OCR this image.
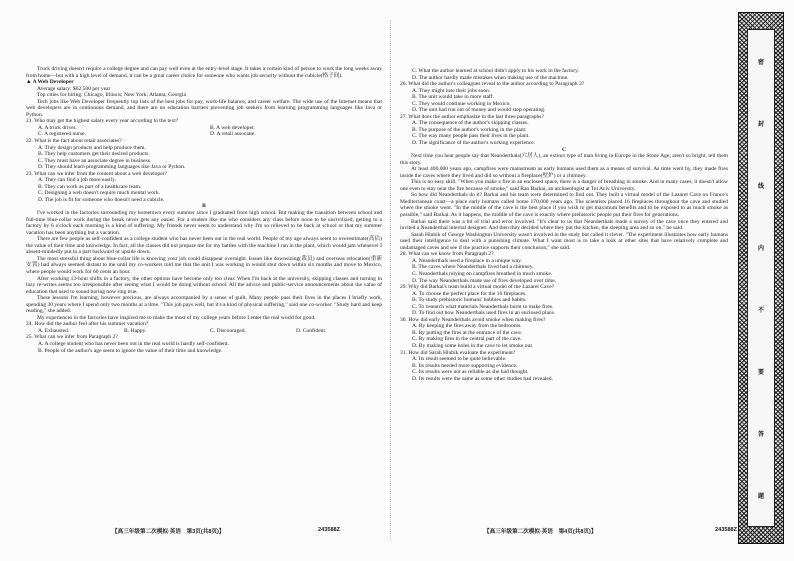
Truck driving doesn't require a college degree and can pay well even at the entry-level stage. It takes a certain kind of person to work the long weeks away from home—but with a high level of demand, it can be a great career choice for someone who wants job security without the cubicle(格子间).

▲ A Web Developer

Average salary: $62,500 per year

Top cities for hiring: Chicago, Illinois; New York; Atlanta, Georgia

Tech jobs like Web Developer frequently top lists of the best jobs for pay, work-life balance, and career welfare. The wide use of the Internet means that web developers are in continuous demand, and there are no education barriers preventing job seekers from learning programming languages like Java or Python.

21. Who may get the highest salary every year according to the text?

A. A truck driver.	B. A web developer.
C. A registered nurse.	D. A retail associate.

22. What is the fact about retail associates?

A. They design products and help produce them.

B. They help customers get their desired products.

C. They must have an associate degree in business.

D. They should learn programming languages like Java or Python.

23. What can we infer from the content about a web developer?

A. They can find a job more easily.

B. They can work as part of a healthcare team.

C. Designing a web doesn't require much mental work.

D. The job is fit for someone who doesn't need a cubicle.

B

I've worked in the factories surrounding my hometown every summer since I graduated from high school. But making the transition between school and full-time blue-collar work during the break never gets any easier. For a student like me who considers any class before noon to be uncivilized, getting to a factory by 6 o'clock each morning is a kind of suffering. My friends never seem to understand why I'm so relieved to be back at school or that my summer vacation has been anything but a vacation.

There are few people as self-confident as a college student who has never been out in the real world. People of my age always seem to overestimate(高估) the value of their time and knowledge. In fact, all the classes did not prepare me for my battles with the machine I ran in the plant, which would jam whenever I absent-mindedly put in a part backward or upside down.

The most stressful thing about blue-collar life is knowing your job could disappear overnight. Issues like downsizing(裁员) and overseas relocation(重新安置) had always seemed distant to me until my co-workers told me that the unit I was working in would shut down within six months and move to Mexico, where people would work for 60 cents an hour.

After working 13-hour shifts in a factory, the other options have become only too clear. When I'm back at the university, skipping classes and turning in lazy re-writes seems too irresponsible after seeing what I would be doing without school. All the advice and public-service announcements about the value of education that used to sound boring now ring true.

These lessons I'm learning, however precious, are always accompanied by a sense of guilt. Many people pass their lives in the places I briefly work, spending 30 years where I spend only two months at a time. "This job pays well, but it's a kind of physical suffering," said one co-worker. "Study hard and keep reading," she added.

My experiences in the factories have inspired me to make the most of my college years before I enter the real world for good.

24. How did the author feel after his summer vacation?

A. Exhausted.	B. Happy.	C. Discouraged.	D. Confident.

25. What can we infer from Paragraph 2?

A. A college student who has never been out in the real world is hardly self-confident.

B. People of the author's age seem to ignore the value of their time and knowledge.

C. What the author learned at school didn't apply to his work in the factory.

D. The author hardly made mistakes when making use of the machine.

26. What did the author's colleagues reveal to the author according to Paragraph 3?

A. They might lose their jobs soon.

B. The unit would take in more staff.

C. They would continue working in Mexico.

D. The unit had run out of money and would stop operating.

27. What does the author emphasize in the last three paragraphs?

A. The consequence of the author's skipping classes.

B. The purpose of the author's working in the plant.

C. The way many people pass their lives in the plant.

D. The significance of the author's working experience.

C

Next time you hear people say that Neanderthals(穴居人), an extinct type of man living in Europe in the Stone Age, aren't so bright, tell them this story.

At least 400,000 years ago, campfires were mainstream as early humans used them as a means of survival. As time went by, they made fires inside the caves where they lived and did so without a fireplace(壁炉) or a chimney.

This is no easy skill. "When you make a fire in an enclosed space, there is a danger of breathing in smoke. And in many cases, it doesn't allow one even to stay near the fire because of smoke," said Ran Barkai, an archaeologist at Tel Aviv University.

So how did Neanderthals do it? Barkai and his team were determined to find out. They built a virtual model of the Lazaret Cave on France's Mediterranean coast—a place early humans called home 170,000 years ago. The scientists placed 16 fireplaces throughout the cave and studied where the smoke went. "In the middle of the cave is the best place if you wish to get maximum benefits and to be exposed to as much smoke as possible," said Barkai. As it happens, the middle of the cave is exactly where prehistoric people put their fires for generations.

Barkai said there was a bit of trial and error involved. "It's clear to us that Neanderthals made a survey of the cave once they entered and invited a Neanderthal internal designer. And then they decided where they put the kitchen, the sleeping area and so on," he said.

Sarah Hlubik of George Washington University wasn't involved in the study but called it clever. "The experiment illustrates how early humans used their intelligence to deal with a punishing climate. What I want most is to take a look at other sites that have relatively complete and undamaged caves and see if the practice supports their conclusion," she said.

28. What can we know from Paragraph 2?

A. Neanderthals used a fireplace in a unique way.

B. The caves where Neanderthals lived had a chimney.

C. Neanderthals relying on campfires breathed in much smoke.

D. The way Neanderthals made use of fires developed over time.

29. Why did Barkai's team build a virtual model of the Lazaret Cave?

A. To choose the perfect place for the 16 fireplaces.

B. To study prehistoric humans' hobbies and habits.

C. To research what materials Neanderthals burnt to make fires.

D. To find out how Neanderthals used fires in an enclosed place.

30. How did early Neanderthals avoid smoke when making fires?

A. By keeping the fires away from the bedrooms.

B. By putting the fires at the entrance of the cave.

C. By making fires in the central part of the cave.

D. By making some holes in the cave to let smoke out.

31. How did Sarah Hlubik evaluate the experiment?

A. Its result seemed to be quite believable.

B. Its results needed more supporting evidence.

C. Its results were not as reliable as she had thought.

D. Its results were the same as some other studies had revealed.

【高三年级第二次模拟·英语　第3页(共8页)】	243588Z	【高三年级第二次模拟·英语　第4页(共8页)】	243588Z
密
封
线
内
不
要
答
题
